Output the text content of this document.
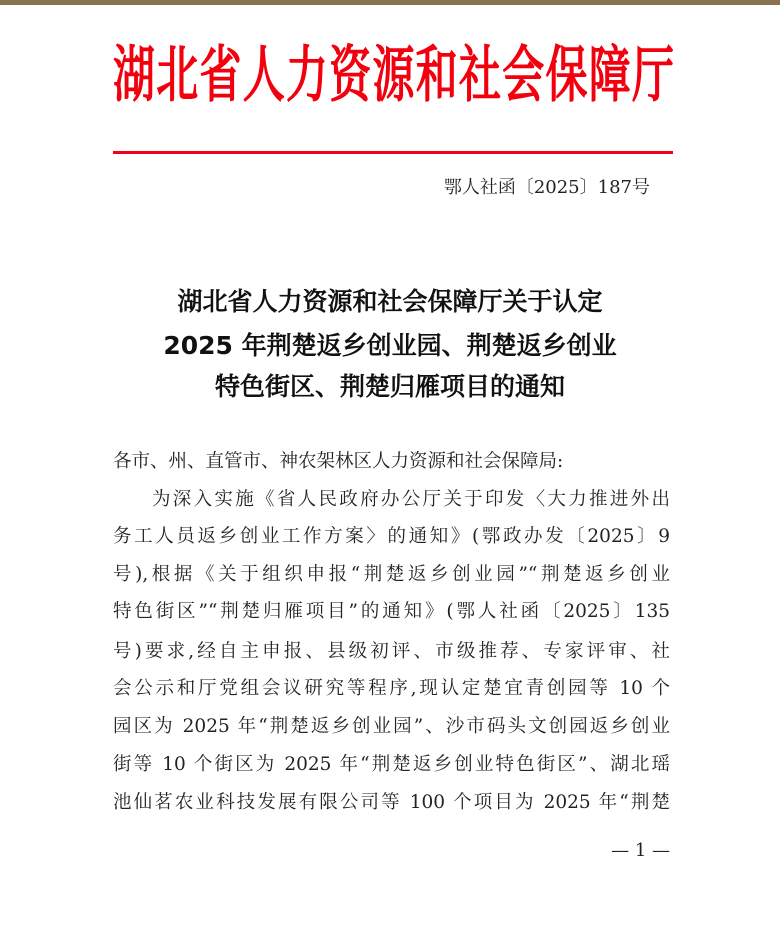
湖北省人力资源和社会保障厅
鄂人社函〔2025〕187号
湖北省人力资源和社会保障厅关于认定
2025 年荆楚返乡创业园、荆楚返乡创业
特色街区、荆楚归雁项目的通知
各市、州、直管市、神农架林区人力资源和社会保障局:
为深入实施《省人民政府办公厅关于印发〈大力推进外出
务工人员返乡创业工作方案〉的通知》(鄂政办发〔2025〕9
号),根据《关于组织申报“荆楚返乡创业园”“荆楚返乡创业
特色街区”“荆楚归雁项目”的通知》(鄂人社函〔2025〕135
号)要求,经自主申报、县级初评、市级推荐、专家评审、社
会公示和厅党组会议研究等程序,现认定楚宜青创园等 10 个
园区为 2025 年“荆楚返乡创业园”、沙市码头文创园返乡创业
街等 10 个街区为 2025 年“荆楚返乡创业特色街区”、湖北瑶
池仙茗农业科技发展有限公司等 100 个项目为 2025 年“荆楚
— 1 —
